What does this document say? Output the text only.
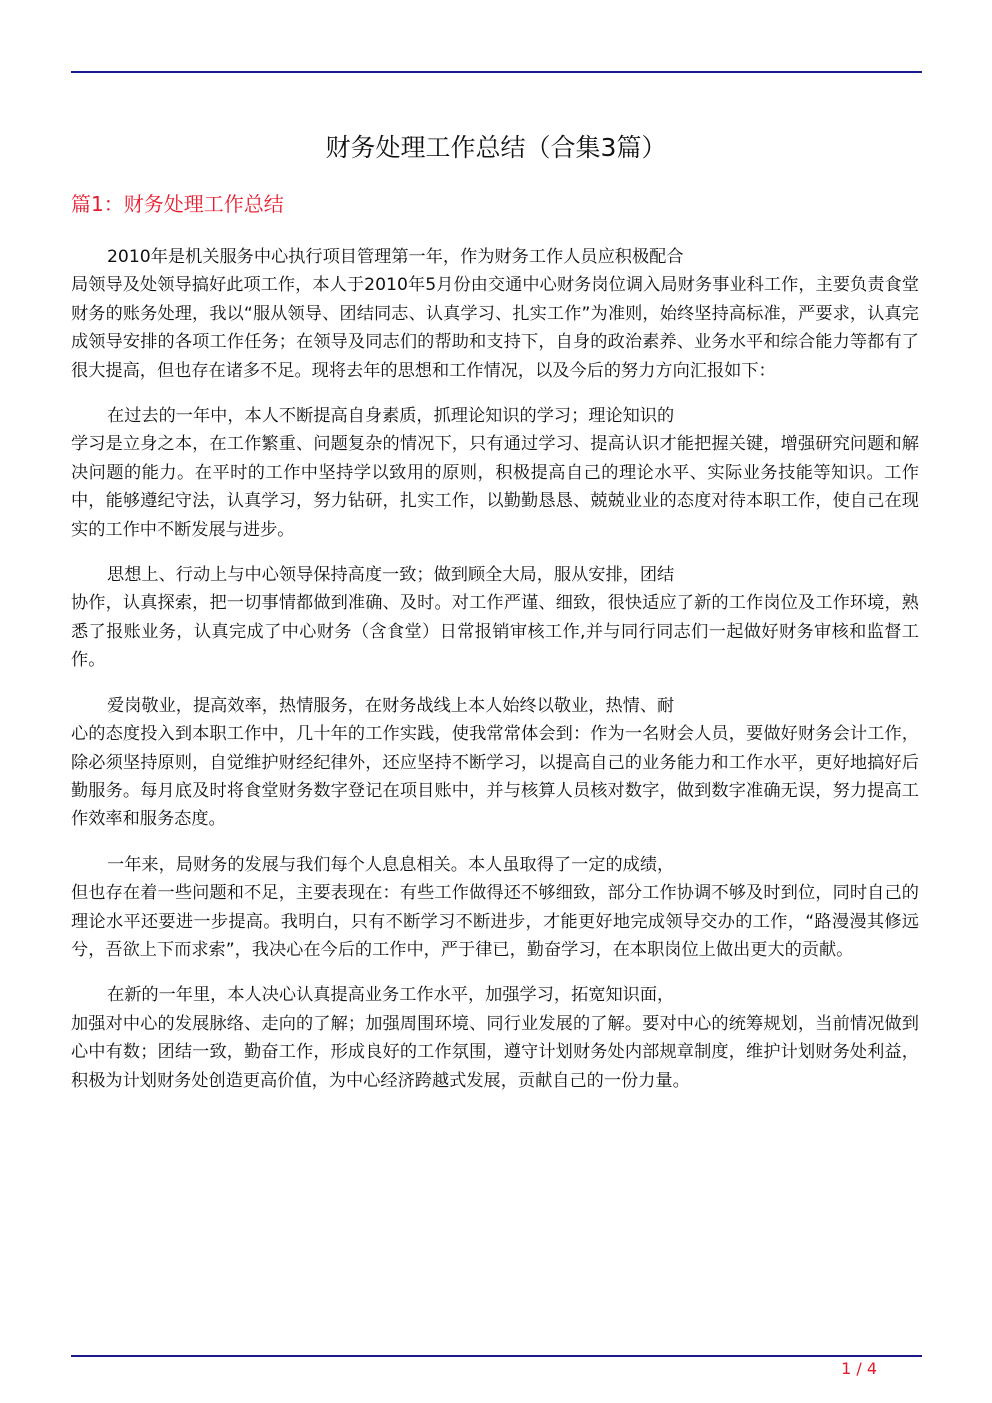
财务处理工作总结（合集3篇）
篇1：财务处理工作总结

2010年是机关服务中心执行项目管理第一年，作为财务工作人员应积极配合
局领导及处领导搞好此项工作，本人于2010年5月份由交通中心财务岗位调入局财务事业科工作，主要负责食堂财务的账务处理，我以“服从领导、团结同志、认真学习、扎实工作”为准则，始终坚持高标准，严要求，认真完成领导安排的各项工作任务；在领导及同志们的帮助和支持下，自身的政治素养、业务水平和综合能力等都有了很大提高，但也存在诸多不足。现将去年的思想和工作情况，以及今后的努力方向汇报如下：

在过去的一年中，本人不断提高自身素质，抓理论知识的学习；理论知识的
学习是立身之本，在工作繁重、问题复杂的情况下，只有通过学习、提高认识才能把握关键，增强研究问题和解决问题的能力。在平时的工作中坚持学以致用的原则，积极提高自己的理论水平、实际业务技能等知识。工作中，能够遵纪守法，认真学习，努力钻研，扎实工作，以勤勤恳恳、兢兢业业的态度对待本职工作，使自己在现实的工作中不断发展与进步。

思想上、行动上与中心领导保持高度一致；做到顾全大局，服从安排，团结
协作，认真探索，把一切事情都做到准确、及时。对工作严谨、细致，很快适应了新的工作岗位及工作环境，熟悉了报账业务，认真完成了中心财务（含食堂）日常报销审核工作,并与同行同志们一起做好财务审核和监督工作。

爱岗敬业，提高效率，热情服务，在财务战线上本人始终以敬业，热情、耐
心的态度投入到本职工作中，几十年的工作实践，使我常常体会到：作为一名财会人员，要做好财务会计工作，除必须坚持原则，自觉维护财经纪律外，还应坚持不断学习，以提高自己的业务能力和工作水平，更好地搞好后勤服务。每月底及时将食堂财务数字登记在项目账中，并与核算人员核对数字，做到数字准确无误，努力提高工作效率和服务态度。

一年来，局财务的发展与我们每个人息息相关。本人虽取得了一定的成绩，
但也存在着一些问题和不足，主要表现在：有些工作做得还不够细致，部分工作协调不够及时到位，同时自己的理论水平还要进一步提高。我明白，只有不断学习不断进步，才能更好地完成领导交办的工作，“路漫漫其修远兮，吾欲上下而求索”，我决心在今后的工作中，严于律已，勤奋学习，在本职岗位上做出更大的贡献。

在新的一年里，本人决心认真提高业务工作水平，加强学习，拓宽知识面，
加强对中心的发展脉络、走向的了解；加强周围环境、同行业发展的了解。要对中心的统筹规划，当前情况做到心中有数；团结一致，勤奋工作，形成良好的工作氛围，遵守计划财务处内部规章制度，维护计划财务处利益，积极为计划财务处创造更高价值，为中心经济跨越式发展，贡献自己的一份力量。

1 / 4
